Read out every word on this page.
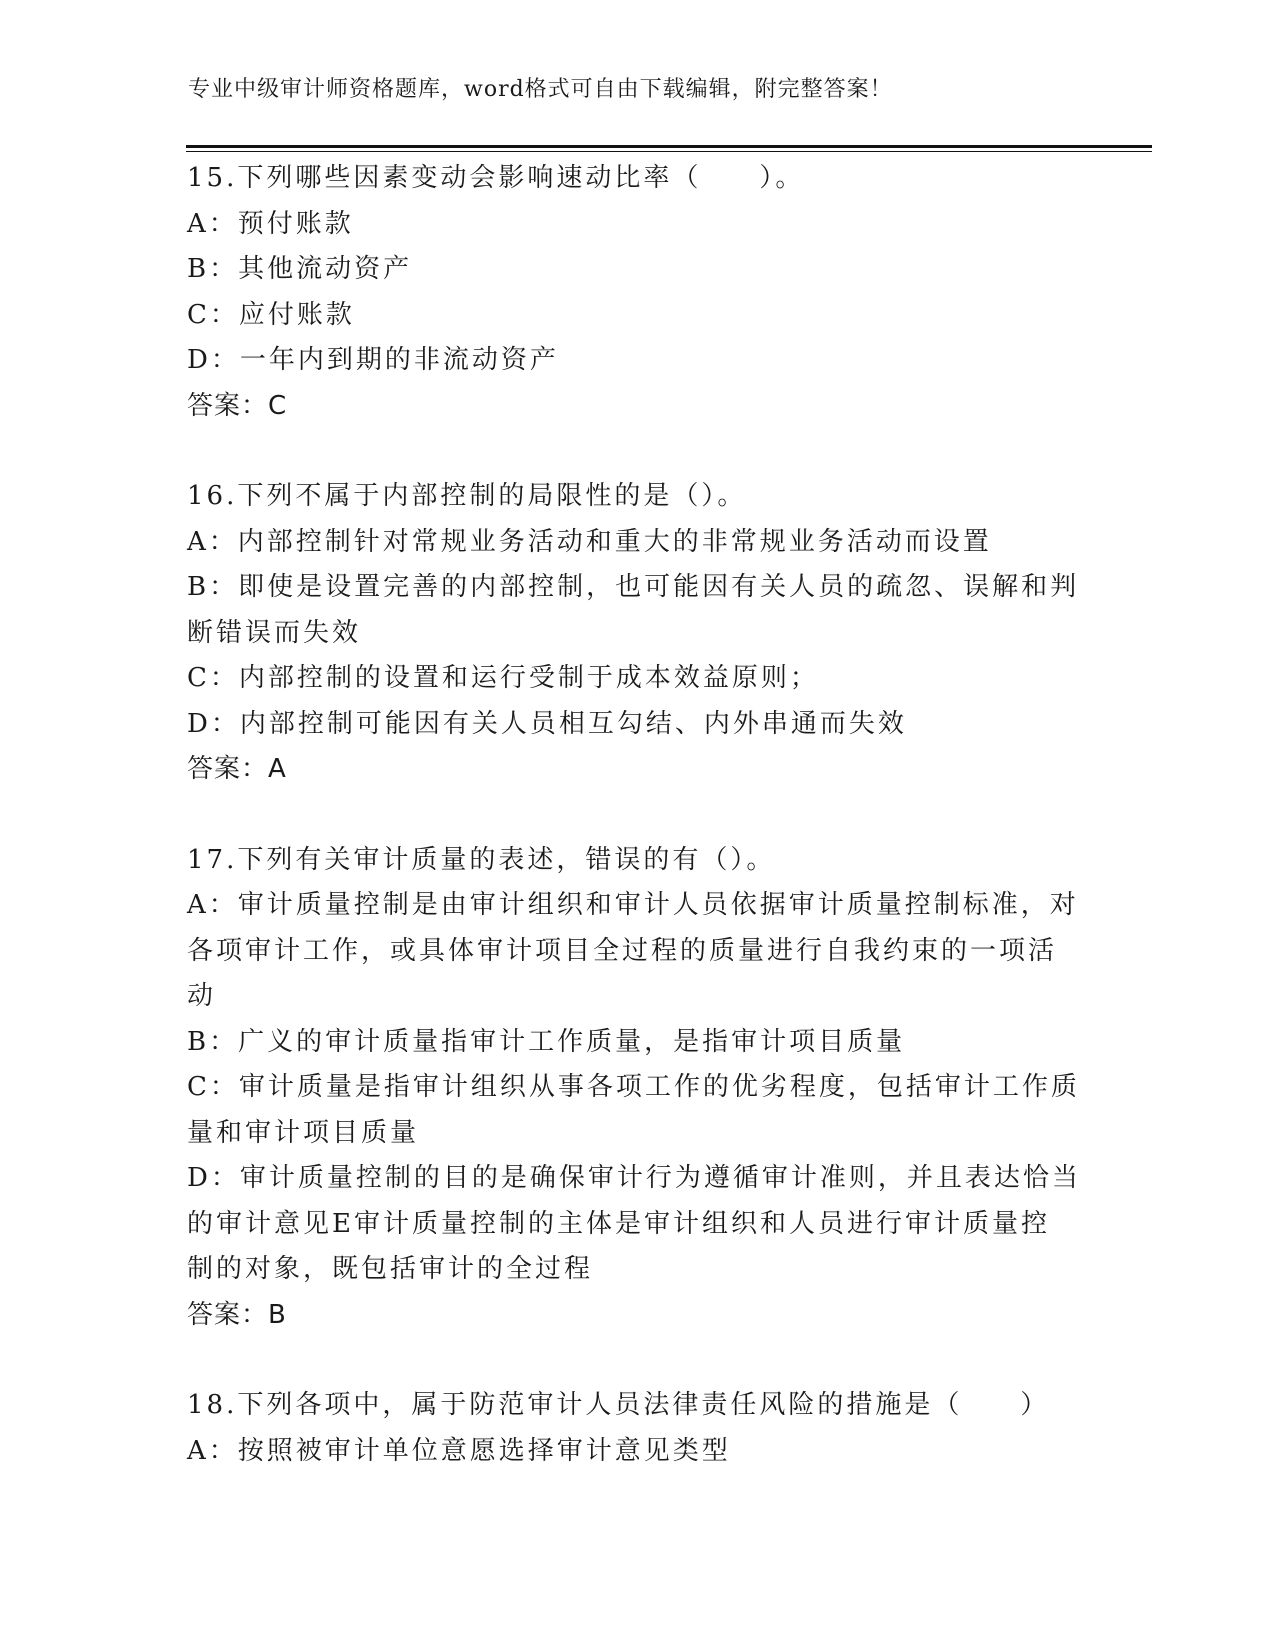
专业中级审计师资格题库，word格式可自由下载编辑，附完整答案！
15.下列哪些因素变动会影响速动比率（　　）。
A：预付账款
B：其他流动资产
C：应付账款
D：一年内到期的非流动资产
答案：C
16.下列不属于内部控制的局限性的是（）。
A：内部控制针对常规业务活动和重大的非常规业务活动而设置
B：即使是设置完善的内部控制，也可能因有关人员的疏忽、误解和判
断错误而失效
C：内部控制的设置和运行受制于成本效益原则；
D：内部控制可能因有关人员相互勾结、内外串通而失效
答案：A
17.下列有关审计质量的表述，错误的有（）。
A：审计质量控制是由审计组织和审计人员依据审计质量控制标准，对
各项审计工作，或具体审计项目全过程的质量进行自我约束的一项活
动
B：广义的审计质量指审计工作质量，是指审计项目质量
C：审计质量是指审计组织从事各项工作的优劣程度，包括审计工作质
量和审计项目质量
D：审计质量控制的目的是确保审计行为遵循审计准则，并且表达恰当
的审计意见E审计质量控制的主体是审计组织和人员进行审计质量控
制的对象，既包括审计的全过程
答案：B
18.下列各项中，属于防范审计人员法律责任风险的措施是（　　）
A：按照被审计单位意愿选择审计意见类型
